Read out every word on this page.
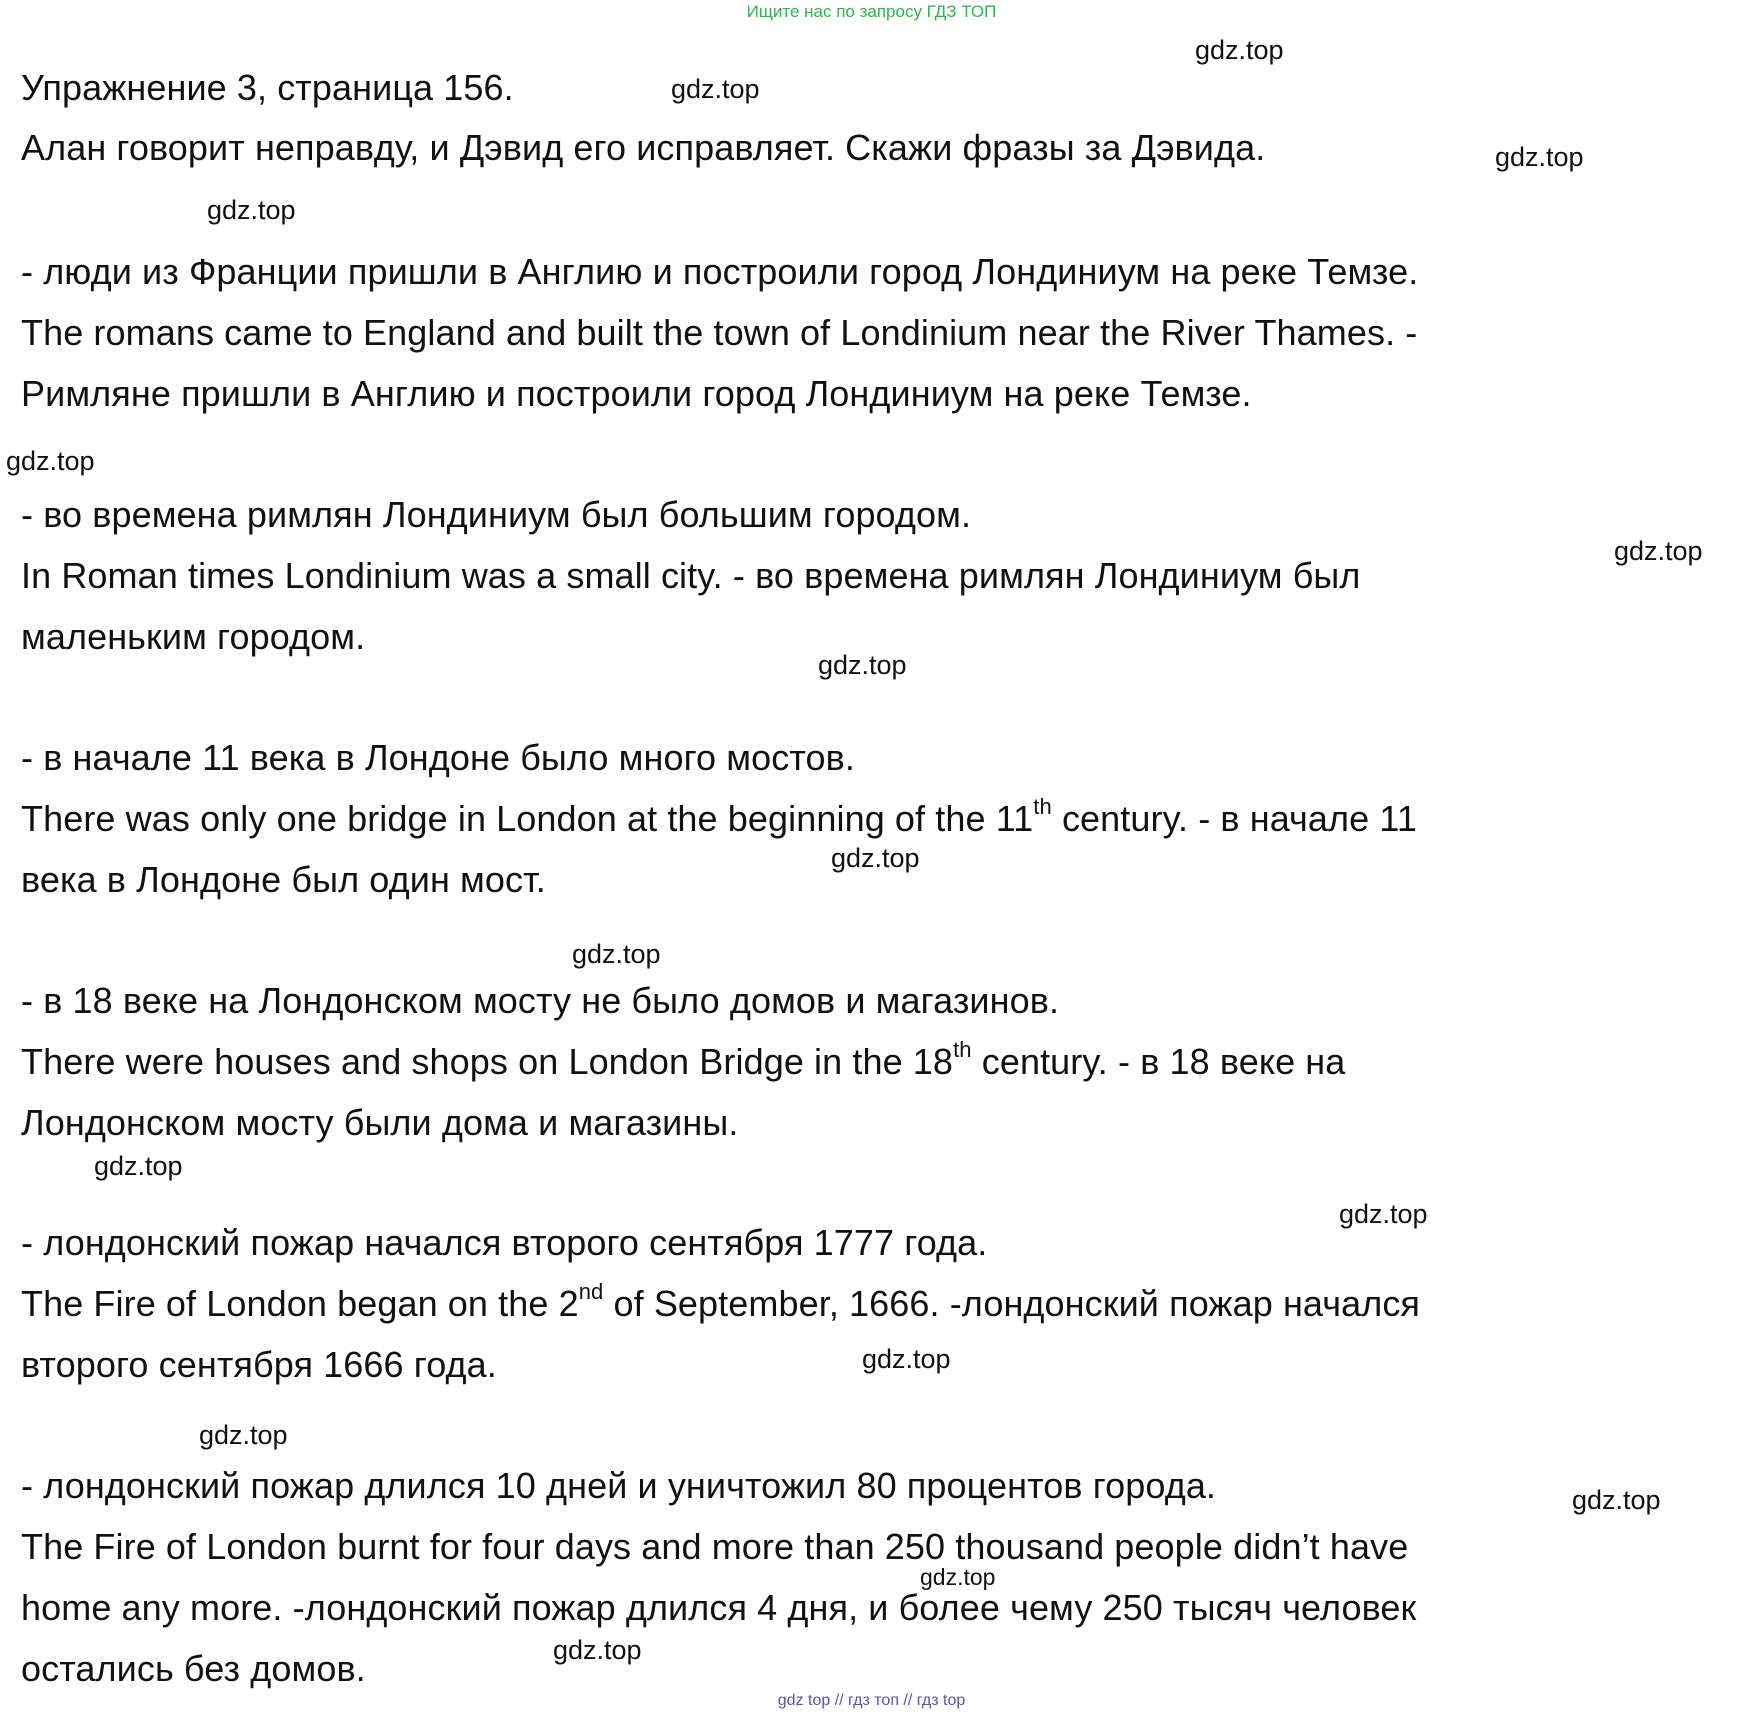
Ищите нас по запросу ГДЗ ТОП
Упражнение 3, страница 156.
Алан говорит неправду, и Дэвид его исправляет. Скажи фразы за Дэвида.
- люди из Франции пришли в Англию и построили город Лондиниум на реке Темзе.
The romans came to England and built the town of Londinium near the River Thames. -
Римляне пришли в Англию и построили город Лондиниум на реке Темзе.
- во времена римлян Лондиниум был большим городом.
In Roman times Londinium was a small city. - во времена римлян Лондиниум был
маленьким городом.
- в начале 11 века в Лондоне было много мостов.
There was only one bridge in London at the beginning of the 11th century. - в начале 11
века в Лондоне был один мост.
- в 18 веке на Лондонском мосту не было домов и магазинов.
There were houses and shops on London Bridge in the 18th century. - в 18 веке на
Лондонском мосту были дома и магазины.
- лондонский пожар начался второго сентября 1777 года.
The Fire of London began on the 2nd of September, 1666. -лондонский пожар начался
второго сентября 1666 года.
- лондонский пожар длился 10 дней и уничтожил 80 процентов города.
The Fire of London burnt for four days and more than 250 thousand people didn’t have
home any more. -лондонский пожар длился 4 дня, и более чему 250 тысяч человек
остались без домов.
gdz.top
gdz.top
gdz.top
gdz.top
gdz.top
gdz.top
gdz.top
gdz.top
gdz.top
gdz.top
gdz.top
gdz.top
gdz.top
gdz.top
gdz.top
gdz.top
gdz top // гдз топ // гдз top
